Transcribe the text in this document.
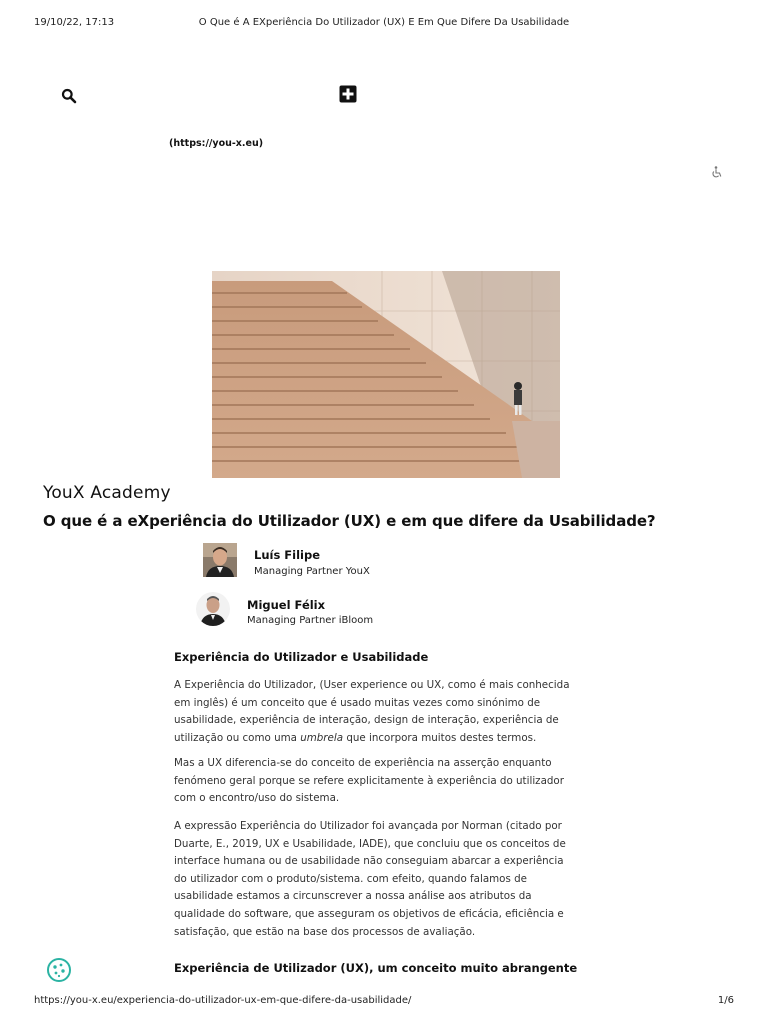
19/10/22, 17:13	O Que é A EXperiência Do Utilizador (UX) E Em Que Difere Da Usabilidade
(https://you-x.eu)
YouX Academy
O que é a eXperiência do Utilizador (UX) e em que difere da Usabilidade?
Luís Filipe
Managing Partner YouX
Miguel Félix
Managing Partner iBloom
Experiência do Utilizador e Usabilidade
A Experiência do Utilizador, (User experience ou UX, como é mais conhecida
em inglês) é um conceito que é usado muitas vezes como sinónimo de
usabilidade, experiência de interação, design de interação, experiência de
utilização ou como uma umbrela que incorpora muitos destes termos.
Mas a UX diferencia-se do conceito de experiência na asserção enquanto
fenómeno geral porque se refere explicitamente à experiência do utilizador
com o encontro/uso do sistema.
A expressão Experiência do Utilizador foi avançada por Norman (citado por
Duarte, E., 2019, UX e Usabilidade, IADE), que concluiu que os conceitos de
interface humana ou de usabilidade não conseguiam abarcar a experiência
do utilizador com o produto/sistema. com efeito, quando falamos de
usabilidade estamos a circunscrever a nossa análise aos atributos da
qualidade do software, que asseguram os objetivos de eficácia, eficiência e
satisfação, que estão na base dos processos de avaliação.
Experiência de Utilizador (UX), um conceito muito abrangente
https://you-x.eu/experiencia-do-utilizador-ux-em-que-difere-da-usabilidade/	1/6
